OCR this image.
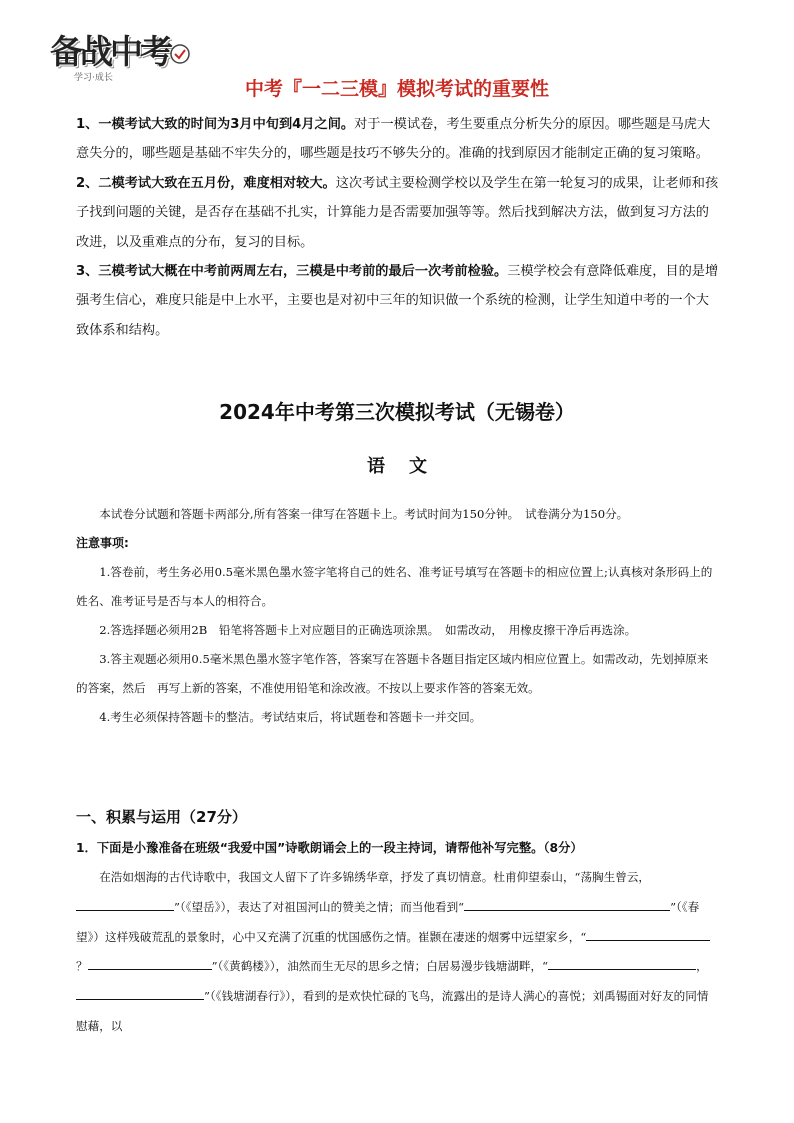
备战中考
学习·成长	中考『一二三模』模拟考试的重要性

1、一模考试大致的时间为3月中旬到4月之间。对于一模试卷，考生要重点分析失分的原因。哪些题是马虎大意失分的，哪些题是基础不牢失分的，哪些题是技巧不够失分的。准确的找到原因才能制定正确的复习策略。

2、二模考试大致在五月份，难度相对较大。这次考试主要检测学校以及学生在第一轮复习的成果，让老师和孩子找到问题的关键，是否存在基础不扎实，计算能力是否需要加强等等。然后找到解决方法，做到复习方法的改进，以及重难点的分布，复习的目标。

3、三模考试大概在中考前两周左右，三模是中考前的最后一次考前检验。三模学校会有意降低难度，目的是增强考生信心，难度只能是中上水平，主要也是对初中三年的知识做一个系统的检测，让学生知道中考的一个大致体系和结构。

2024年中考第三次模拟考试（无锡卷）
语文

本试卷分试题和答题卡两部分,所有答案一律写在答题卡上。考试时间为150分钟。　试卷满分为150分。

注意事项:

1.答卷前，考生务必用0.5毫米黑色墨水签字笔将自己的姓名、准考证号填写在答题卡的相应位置上;认真核对条形码上的姓名、准考证号是否与本人的相符合。

2.答选择题必须用2B　铅笔将答题卡上对应题目的正确选项涂黑。　如需改动，　用橡皮擦干净后再选涂。

3.答主观题必须用0.5毫米黑色墨水签字笔作答，答案写在答题卡各题目指定区域内相应位置上。如需改动，先划掉原来的答案，然后　再写上新的答案，不准使用铅笔和涂改液。不按以上要求作答的答案无效。

4.考生必须保持答题卡的整洁。考试结束后，将试题卷和答题卡一并交回。

一、积累与运用（27分）
1．下面是小豫准备在班级“我爱中国”诗歌朗诵会上的一段主持词，请帮他补写完整。（8分）

在浩如烟海的古代诗歌中，我国文人留下了许多锦绣华章，抒发了真切情意。杜甫仰望泰山，“荡胸生曾云，”（《望岳》），表达了对祖国河山的赞美之情；而当他看到“	”（《春望》）这样残破荒乱的景象时，心中又充满了沉重的忧国感伤之情。崔颢在凄迷的烟雾中远望家乡，“？	”（《黄鹤楼》），油然而生无尽的思乡之情；白居易漫步钱塘湖畔，“	，”（《钱塘湖春行》），看到的是欢快忙碌的飞鸟，流露出的是诗人满心的喜悦；刘禹锡面对好友的同情慰藉，以
